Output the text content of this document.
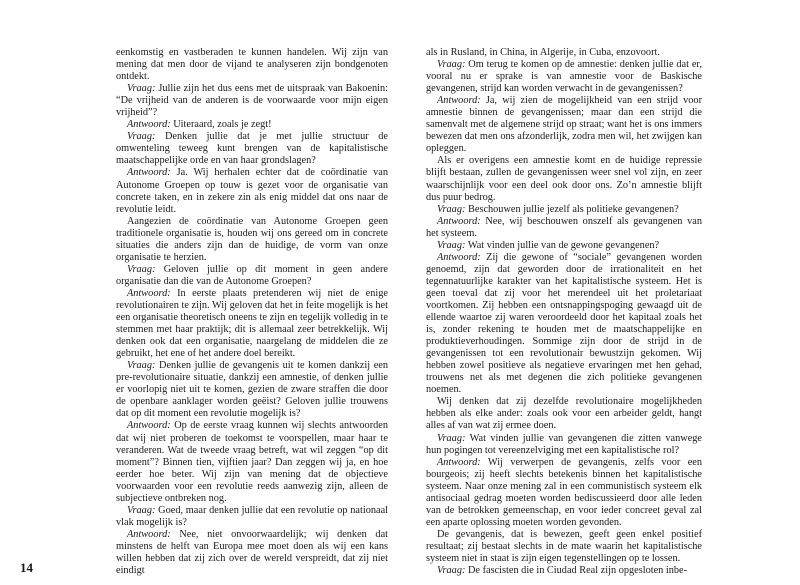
eenkomstig en vastberaden te kunnen handelen. Wij zijn van mening dat men door de vijand te analyseren zijn bondgenoten ontdekt.

Vraag: Jullie zijn het dus eens met de uitspraak van Bakoenin: “De vrijheid van de anderen is de voorwaarde voor mijn eigen vrijheid”?

Antwoord: Uiteraard, zoals je zegt!

Vraag: Denken jullie dat je met jullie structuur de omwenteling teweeg kunt brengen van de kapitalistische maatschappelijke orde en van haar grondslagen?

Antwoord: Ja. Wij herhalen echter dat de coördinatie van Autonome Groepen op touw is gezet voor de organisatie van concrete taken, en in zekere zin als enig middel dat ons naar de revolutie leidt.

Aangezien de coördinatie van Autonome Groepen geen traditionele organisatie is, houden wij ons gereed om in concrete situaties die anders zijn dan de huidige, de vorm van onze organisatie te herzien.

Vraag: Geloven jullie op dit moment in geen andere organisatie dan die van de Autonome Groepen?

Antwoord: In eerste plaats pretenderen wij niet de enige revolutionairen te zijn. Wij geloven dat het in feite mogelijk is het een organisatie theoretisch oneens te zijn en tegelijk volledig in te stemmen met haar praktijk; dit is allemaal zeer betrekkelijk. Wij denken ook dat een organisatie, naargelang de middelen die ze gebruikt, het ene of het andere doel bereikt.

Vraag: Denken jullie de gevangenis uit te komen dankzij een pre-revolutionaire situatie, dankzij een amnestie, of denken jullie er voorlopig niet uit te komen, gezien de zware straffen die door de openbare aanklager worden geëist? Geloven jullie trouwens dat op dit moment een revolutie mogelijk is?

Antwoord: Op de eerste vraag kunnen wij slechts antwoorden dat wij niet proberen de toekomst te voorspellen, maar haar te veranderen. Wat de tweede vraag betreft, wat wil zeggen “op dit moment”? Binnen tien, vijftien jaar? Dan zeggen wij ja, en hoe eerder hoe beter. Wij zijn van mening dat de objectieve voorwaarden voor een revolutie reeds aanwezig zijn, alleen de subjectieve ontbreken nog.

Vraag: Goed, maar denken jullie dat een revolutie op nationaal vlak mogelijk is?

Antwoord: Nee, niet onvoorwaardelijk; wij denken dat minstens de helft van Europa mee moet doen als wij een kans willen hebben dat zij zich over de wereld verspreidt, dat zij niet eindigt

als in Rusland, in China, in Algerije, in Cuba, enzovoort.

Vraag: Om terug te komen op de amnestie: denken jullie dat er, vooral nu er sprake is van amnestie voor de Baskische gevangenen, strijd kan worden verwacht in de gevangenissen?

Antwoord: Ja, wij zien de mogelijkheid van een strijd voor amnestie binnen de gevangenissen; maar dan een strijd die samenvalt met de algemene strijd op straat; want het is ons immers bewezen dat men ons afzonderlijk, zodra men wil, het zwijgen kan opleggen.

Als er overigens een amnestie komt en de huidige repressie blijft bestaan, zullen de gevangenissen weer snel vol zijn, en zeer waarschijnlijk voor een deel ook door ons. Zo’n amnestie blijft dus puur bedrog.

Vraag: Beschouwen jullie jezelf als politieke gevangenen?

Antwoord: Nee, wij beschouwen onszelf als gevangenen van het systeem.

Vraag: Wat vinden jullie van de gewone gevangenen?

Antwoord: Zij die gewone of “sociale” gevangenen worden genoemd, zijn dat geworden door de irrationaliteit en het tegennatuurlijke karakter van het kapitalistische systeem. Het is geen toeval dat zij voor het merendeel uit het proletariaat voortkomen. Zij hebben een ontsnappingspoging gewaagd uit de ellende waartoe zij waren veroordeeld door het kapitaal zoals het is, zonder rekening te houden met de maatschappelijke en produktieverhoudingen. Sommige zijn door de strijd in de gevangenissen tot een revolutionair bewustzijn gekomen. Wij hebben zowel positieve als negatieve ervaringen met hen gehad, trouwens net als met degenen die zich politieke gevangenen noemen.

Wij denken dat zij dezelfde revolutionaire mogelijkheden hebben als elke ander: zoals ook voor een arbeider geldt, hangt alles af van wat zij ermee doen.

Vraag: Wat vinden jullie van gevangenen die zitten vanwege hun pogingen tot vereenzelviging met een kapitalistische rol?

Antwoord: Wij verwerpen de gevangenis, zelfs voor een bourgeois; zij heeft slechts betekenis binnen het kapitalistische systeem. Naar onze mening zal in een communistisch systeem elk antisociaal gedrag moeten worden bediscussieerd door alle leden van de betrokken gemeenschap, en voor ieder concreet geval zal een aparte oplossing moeten worden gevonden.

De gevangenis, dat is bewezen, geeft geen enkel positief resultaat; zij bestaat slechts in de mate waarin het kapitalistische systeem niet in staat is zijn eigen tegenstellingen op te lossen.

Vraag: De fascisten die in Ciudad Real zijn opgesloten inbe-

14
